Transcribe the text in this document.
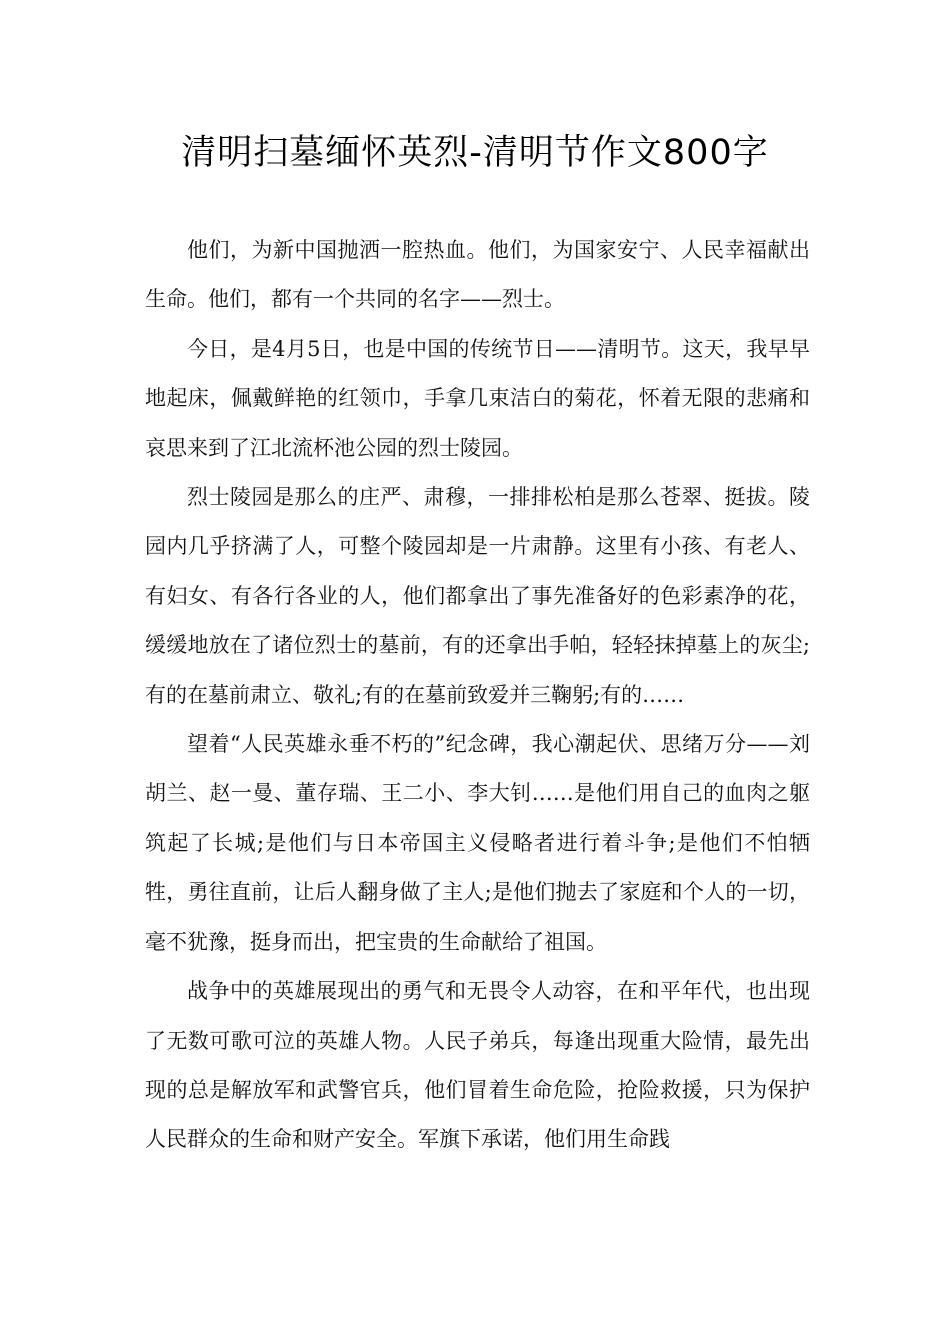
清明扫墓缅怀英烈-清明节作文800字

他们，为新中国抛洒一腔热血。他们，为国家安宁、人民幸福献出生命。他们，都有一个共同的名字——烈士。

今日，是4月5日，也是中国的传统节日——清明节。这天，我早早地起床，佩戴鲜艳的红领巾，手拿几束洁白的菊花，怀着无限的悲痛和哀思来到了江北流杯池公园的烈士陵园。

烈士陵园是那么的庄严、肃穆，一排排松柏是那么苍翠、挺拔。陵园内几乎挤满了人，可整个陵园却是一片肃静。这里有小孩、有老人、有妇女、有各行各业的人，他们都拿出了事先准备好的色彩素净的花，缓缓地放在了诸位烈士的墓前，有的还拿出手帕，轻轻抹掉墓上的灰尘;有的在墓前肃立、敬礼;有的在墓前致爱并三鞠躬;有的……

望着“人民英雄永垂不朽的”纪念碑，我心潮起伏、思绪万分——刘胡兰、赵一曼、董存瑞、王二小、李大钊……是他们用自己的血肉之躯筑起了长城;是他们与日本帝国主义侵略者进行着斗争;是他们不怕牺牲，勇往直前，让后人翻身做了主人;是他们抛去了家庭和个人的一切，毫不犹豫，挺身而出，把宝贵的生命献给了祖国。

战争中的英雄展现出的勇气和无畏令人动容，在和平年代，也出现了无数可歌可泣的英雄人物。人民子弟兵，每逢出现重大险情，最先出现的总是解放军和武警官兵，他们冒着生命危险，抢险救援，只为保护人民群众的生命和财产安全。军旗下承诺，他们用生命践
